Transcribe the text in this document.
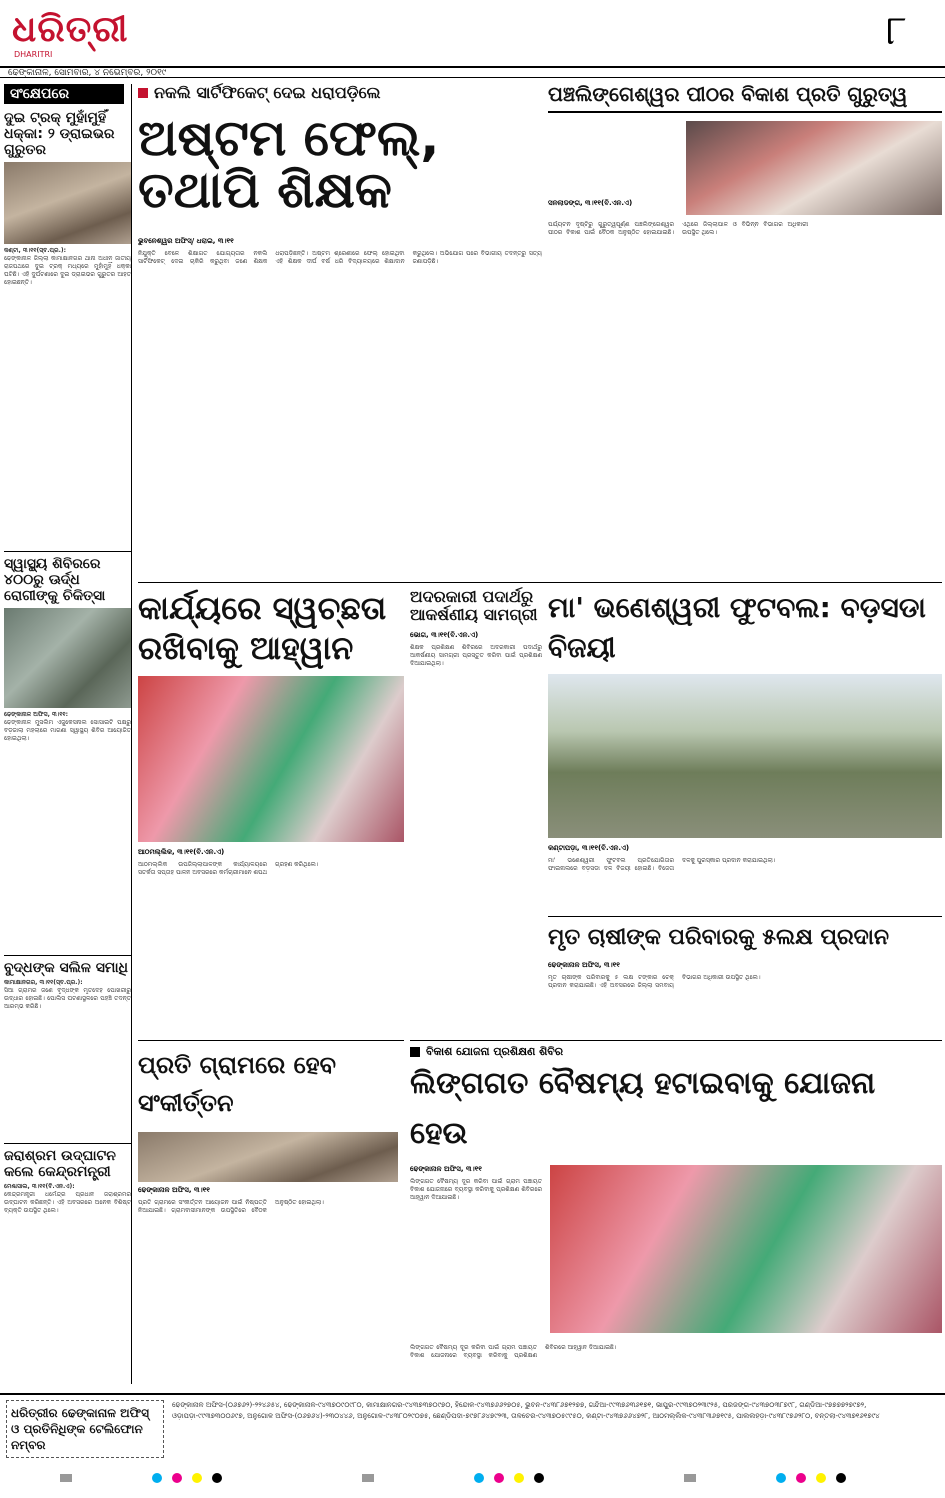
ଧରିତ୍ରୀ
DHARITRI
୮
ଢେଙ୍କାନାଳ, ସୋମବାର, ୪ ନଭେମ୍ବର, ୨୦୧୯
ସଂକ୍ଷେପରେ
ଦୁଇ ଟ୍ରକ୍ ମୁହାଁମୁହିଁ ଧକ୍କା: ୨ ଡ୍ରାଇଭର ଗୁରୁତର
କଣ୍ଟା, ୩।୧୧(ସ୍ବ.ପ୍ର.):
ଢେଙ୍କାନାଳ ଜିଲ୍ଲା କାମାକ୍ଷାନଗର ଥାନା ଅଧୀନ ଜାତୀୟ ରାଜପଥରେ ଦୁଇ ଟ୍ରକ୍ ମଧ୍ୟରେ ମୁହାଁମୁହିଁ ଧକ୍କା ଘଟିଛି। ଏହି ଦୁର୍ଘଟଣାରେ ଦୁଇ ଡ୍ରାଇଭର ଗୁରୁତର ଆହତ ହୋଇଛନ୍ତି।
ସ୍ୱାସ୍ଥ୍ୟ ଶିବିରରେ ୪୦୦ରୁ ଊର୍ଦ୍ଧ ରୋଗୀଙ୍କୁ ଚିକିତ୍ସା
ଢେଙ୍କାନାଳ ଅଫିସ, ୩।୧୧:
ଢେଙ୍କାନାଳ ମୁସଲିମ ଏଜୁକେସନାଲ ସୋସାଇଟି ପକ୍ଷରୁ ବଡ଼ଜାଲା ମହଲାରେ ମାଗଣା ସ୍ୱାସ୍ଥ୍ୟ ଶିବିର ଆୟୋଜିତ ହୋଇଥିଲା।
ବୁଦ୍ଧଙ୍କ ସଲିଳ ସମାଧି
କାମାକ୍ଷାନଗର, ୩।୧୧(ସ୍ବ.ପ୍ର.):
ସିଆ ଗ୍ରାମର ଜଣେ ବୃଦ୍ଧଙ୍କ ମୃତଦେହ ପୋଖରୀରୁ ଉଦ୍ଧାର ହୋଇଛି। ପୋଲିସ ଘଟଣାସ୍ଥଳରେ ପହଞ୍ଚି ତଦନ୍ତ ଆରମ୍ଭ କରିଛି।
ଜରାଶ୍ରମ ଉଦ୍‌ଘାଟନ କଲେ କେନ୍ଦ୍ରମନ୍ତ୍ରୀ
ମେଣ୍ଢାସାଲ, ୩।୧୧(ବି.ଏନ.ଏ):
କେନ୍ଦ୍ରମନ୍ତ୍ରୀ ଧର୍ମେନ୍ଦ୍ର ପ୍ରଧାନ ଜରାଶ୍ରମର ଉଦ୍‌ଘାଟନ କରିଛନ୍ତି। ଏହି ଅବସରରେ ଅନେକ ବିଶିଷ୍ଟ ବ୍ୟକ୍ତି ଉପସ୍ଥିତ ଥିଲେ।
ନକଲି ସାର୍ଟିଫିକେଟ୍ ଦେଇ ଧରାପଡ଼ିଲେ
ଅଷ୍ଟମ ଫେଲ୍, ତଥାପି ଶିକ୍ଷକ
ଭୁବନେଶ୍ୱର ଅଫିସ୍/ ଧରାଇ, ୩।୧୧
ନିଯୁକ୍ତି ବେଳେ ଶିକ୍ଷାଗତ ଯୋଗ୍ୟତାର ନକଲି ସାର୍ଟିଫିକେଟ୍ ଦେଇ ଚାକିରି କରୁଥିବା ଜଣେ ଶିକ୍ଷକ ଧରାପଡ଼ିଛନ୍ତି। ଅଷ୍ଟମ ଶ୍ରେଣୀରେ ଫେଲ୍ ହୋଇଥିବା ଏହି ଶିକ୍ଷକ ଦୀର୍ଘ ବର୍ଷ ଧରି ବିଦ୍ୟାଳୟରେ ଶିକ୍ଷାଦାନ କରୁଥିଲେ। ଅଭିଯୋଗ ପରେ ବିଭାଗୀୟ ତଦନ୍ତରୁ ସତ୍ୟ ଜଣାପଡ଼ିଛି।
ପଞ୍ଚଲିଙ୍ଗେଶ୍ୱର ପୀଠର ବିକାଶ ପ୍ରତି ଗୁରୁତ୍ୱ
ସନଲାଡଙ୍ଗ, ୩।୧୧(ବି.ଏନ.ଏ)
ପର୍ଯ୍ୟଟନ ଦୃଷ୍ଟିରୁ ଗୁରୁତ୍ୱପୂର୍ଣ୍ଣ ପଞ୍ଚଲିଙ୍ଗେଶ୍ୱର ପୀଠର ବିକାଶ ପାଇଁ ବୈଠକ ଅନୁଷ୍ଠିତ ହୋଇଯାଇଛି। ଏଥିରେ ଜିଲ୍ଲାପାଳ ଓ ବିଭିନ୍ନ ବିଭାଗର ଅଧିକାରୀ ଉପସ୍ଥିତ ଥିଲେ।
କାର୍ଯ୍ୟରେ ସ୍ୱଚ୍ଛତା ରଖିବାକୁ ଆହ୍ୱାନ
ଆଠମଲ୍ଲିକ, ୩।୧୧(ବି.ଏନ.ଏ)
ଆଠମଲ୍ଲିକ ଉପଜିଲ୍ଲାପାଳଙ୍କ କାର୍ଯ୍ୟାଳୟରେ ସତର୍କତା ସପ୍ତାହ ପାଳନ ଅବସରରେ କର୍ମଚାରୀମାନେ ଶପଥ ଗ୍ରହଣ କରିଥିଲେ।
ଅଦରକାରୀ ପଦାର୍ଥରୁ ଆକର୍ଷଣୀୟ ସାମଗ୍ରୀ
ଭୋଗ, ୩।୧୧(ବି.ଏନ.ଏ)
ଶିକ୍ଷକ ପ୍ରଶିକ୍ଷଣ ଶିବିରରେ ଅଦରକାରୀ ପଦାର୍ଥରୁ ଆକର୍ଷଣୀୟ ସାମଗ୍ରୀ ପ୍ରସ୍ତୁତ କରିବା ପାଇଁ ପ୍ରଶିକ୍ଷଣ ଦିଆଯାଇଥିଲା।
ମା' ଭଣେଶ୍ୱରୀ ଫୁଟବଲ: ବଡ଼ସଡା ବିଜୟୀ
କଣ୍ଟାପଡ଼ା, ୩।୧୧(ବି.ଏନ.ଏ)
ମା' ଭଣେଶ୍ୱରୀ ଫୁଟବଲ ପ୍ରତିଯୋଗିତାର ଫାଇନାଲରେ ବଡ଼ସଡା ଦଳ ବିଜୟୀ ହୋଇଛି। ବିଜେତା ଦଳକୁ ପୁରସ୍କାର ପ୍ରଦାନ କରାଯାଇଥିଲା।
ମୃତ ଚାଷୀଙ୍କ ପରିବାରକୁ ୫ଲକ୍ଷ ପ୍ରଦାନ
ଢେଙ୍କାନାଳ ଅଫିସ, ୩।୧୧
ମୃତ ଚାଷୀଙ୍କ ପରିବାରକୁ ୫ ଲକ୍ଷ ଟଙ୍କାର ଚେକ୍ ପ୍ରଦାନ କରାଯାଇଛି। ଏହି ଅବସରରେ ଜିଲ୍ଲା ସମବାୟ ବିଭାଗର ଅଧିକାରୀ ଉପସ୍ଥିତ ଥିଲେ।
ପ୍ରତି ଗ୍ରାମରେ ହେବ ସଂକୀର୍ତ୍ତନ
ଢେଙ୍କାନାଳ ଅଫିସ, ୩।୧୧
ପ୍ରତି ଗ୍ରାମରେ ସଂକୀର୍ତ୍ତନ ଆୟୋଜନ ପାଇଁ ନିଷ୍ପତ୍ତି ନିଆଯାଇଛି। ଗ୍ରାମବାସୀମାନଙ୍କ ଉପସ୍ଥିତିରେ ବୈଠକ ଅନୁଷ୍ଠିତ ହୋଇଥିଲା।
ବିକାଶ ଯୋଜନା ପ୍ରଶିକ୍ଷଣ ଶିବିର
ଲିଙ୍ଗଗତ ବୈଷମ୍ୟ ହଟାଇବାକୁ ଯୋଜନା ହେଉ
ଢେଙ୍କାନାଳ ଅଫିସ, ୩।୧୧
ଲିଙ୍ଗଗତ ବୈଷମ୍ୟ ଦୂର କରିବା ପାଇଁ ଗ୍ରାମ ପଞ୍ଚାୟତ ବିକାଶ ଯୋଜନାରେ ବ୍ୟବସ୍ଥା କରିବାକୁ ପ୍ରଶିକ୍ଷଣ ଶିବିରରେ ଆହ୍ୱାନ ଦିଆଯାଇଛି।
ଲିଙ୍ଗଗତ ବୈଷମ୍ୟ ଦୂର କରିବା ପାଇଁ ଗ୍ରାମ ପଞ୍ଚାୟତ ବିକାଶ ଯୋଜନାରେ ବ୍ୟବସ୍ଥା କରିବାକୁ ପ୍ରଶିକ୍ଷଣ ଶିବିରରେ ଆହ୍ୱାନ ଦିଆଯାଇଛି।
ଧରିତ୍ରୀର ଢେଙ୍କାନାଳ ଅଫିସ୍ ଓ ପ୍ରତିନିଧିଙ୍କ ଟେଲିଫୋନ ନମ୍ବର
ଢେଙ୍କାନାଳ ଅଫିସ-(୦୬୭୬୨)-୨୨୪୬୫୪, ଢେଙ୍କାନାଳ-୯୪୩୭୦୯୦୯୮୦, କାମାକ୍ଷାନଗର-୯୪୩୭୩୭୦୯୭୦, ହିନ୍ଦୋଳ-୯୪୩୭୬୬୨୭୦୫, ଭୁବନ-୯୪୩୮୬୭୧୨୭୭, ଗନ୍ଦିଆ-୯୯୩୭୬୩୬୧୭୧, ଭାପୁର-୯୯୩୭୦୨୩୯୨୫, ପରଜଙ୍ଗ-୯୪୩୭୦୩୮୭୯୮, ଗଣ୍ଡିଆ-୯୭୭୭୭୨୭୯୭୨, ଓଡ଼ାପଡ଼ା-୯୯୩୭୩୦୦୬୯୭, ଅନୁଗୋଳ ଅଫିସ-(୦୬୭୬୪)-୨୩୦୪୪୬, ଅନୁଗୋଳ-୯୪୩୮୦୨୯୦୭୫, ଛେଣ୍ଡିପଦା-୭୯୭୮୬୪୭୯୨୩, ତାଳଚେର-୯୪୩୭୦୫୯୯୫୦, କଣ୍ଟା-୯୪୩୭୬୬୪୭୨୮, ଆଠମଲ୍ଲିକ-୯୪୩୮୩୬୭୧୯୫, ପାଲଲହଡ଼ା-୯୪୩୮୯୭୬୨୮୦, ବନ୍ତଲା-୯୪୩୭୧୬୧୭୯୪
